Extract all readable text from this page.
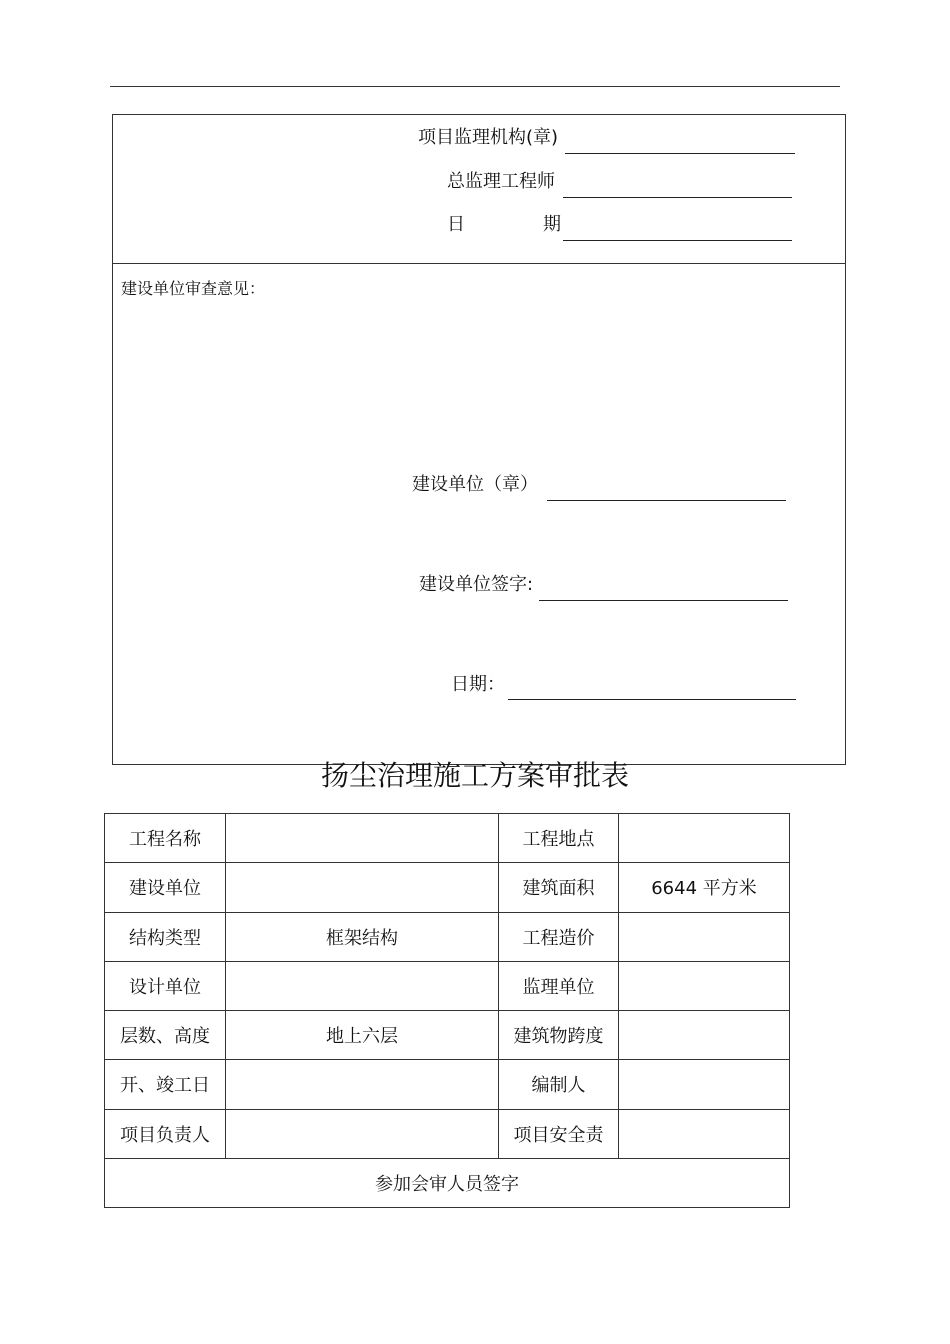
项目监理机构(章)
总监理工程师
日	期
建设单位审查意见：
建设单位（章）
建设单位签字:
日期：
扬尘治理施工方案审批表
工程名称		工程地点	
建设单位		建筑面积	6644 平方米
结构类型	框架结构	工程造价	
设计单位		监理单位	
层数、高度	地上六层	建筑物跨度	
开、竣工日		编制人	
项目负责人		项目安全责	
参加会审人员签字			
